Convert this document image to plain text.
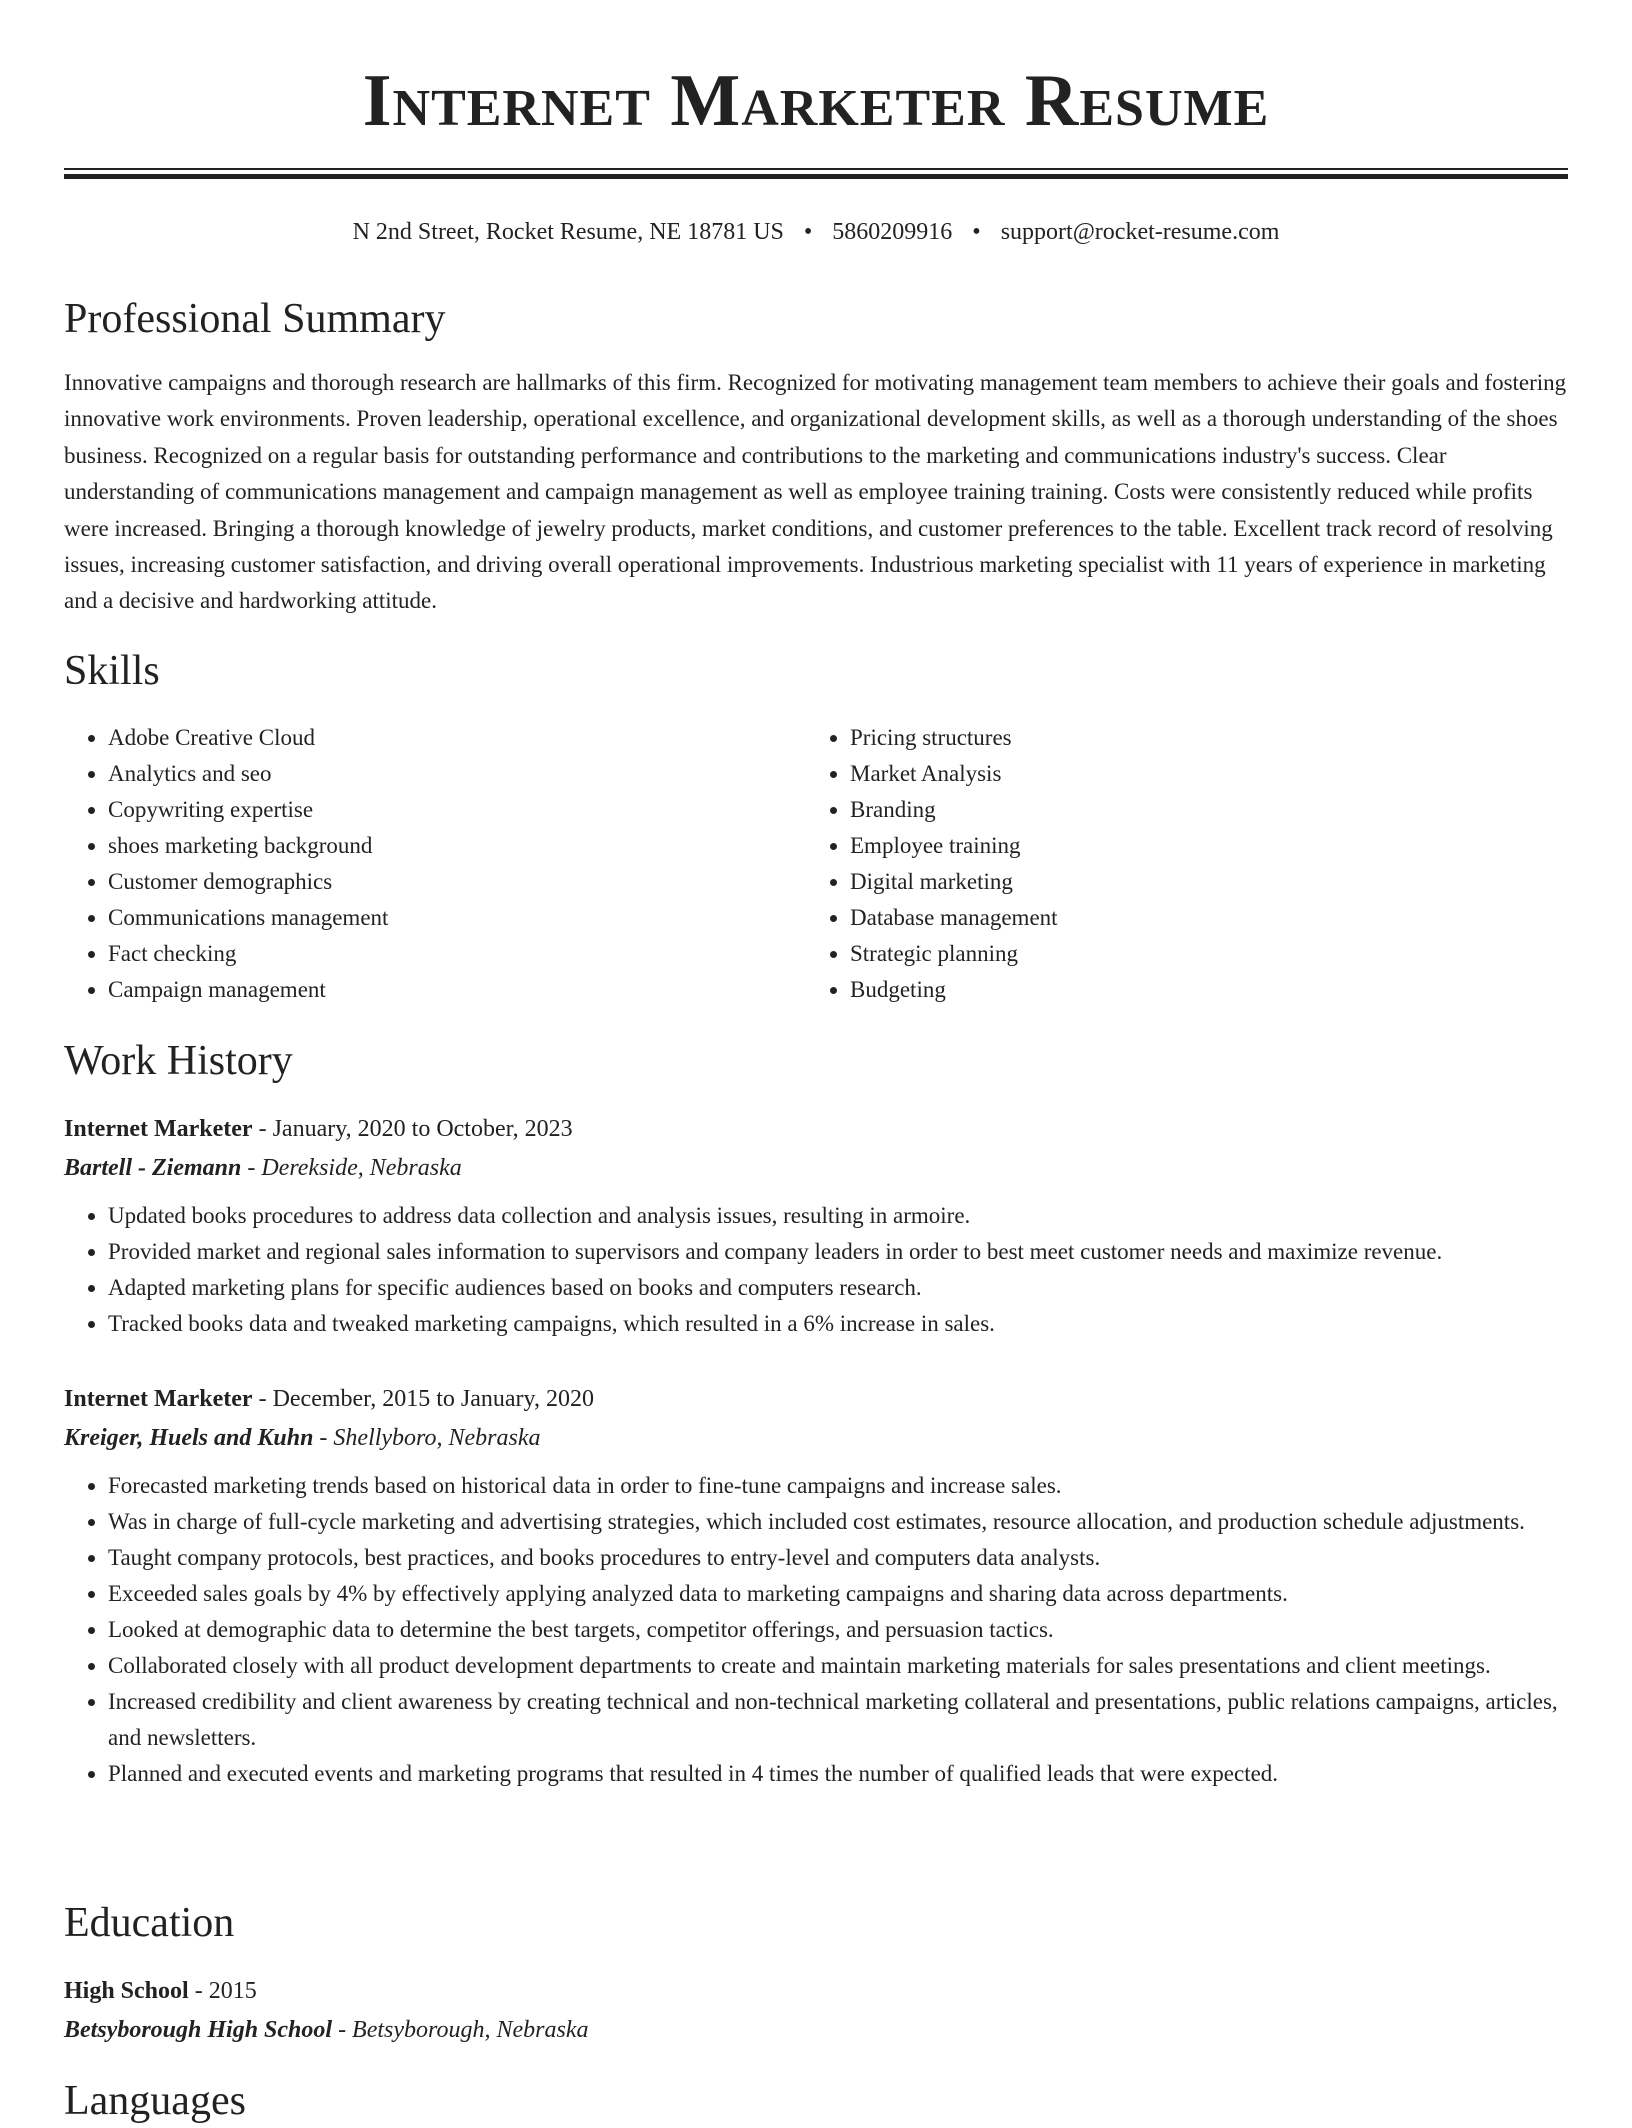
Internet Marketer Resume
N 2nd Street, Rocket Resume, NE 18781 US • 5860209916 • support@rocket-resume.com
Professional Summary

Innovative campaigns and thorough research are hallmarks of this firm. Recognized for motivating management team members to achieve their goals and fostering innovative work environments. Proven leadership, operational excellence, and organizational development skills, as well as a thorough understanding of the shoes business. Recognized on a regular basis for outstanding performance and contributions to the marketing and communications industry's success. Clear understanding of communications management and campaign management as well as employee training training. Costs were consistently reduced while profits were increased. Bringing a thorough knowledge of jewelry products, market conditions, and customer preferences to the table. Excellent track record of resolving issues, increasing customer satisfaction, and driving overall operational improvements. Industrious marketing specialist with 11 years of experience in marketing and a decisive and hardworking attitude.

Skills
• Adobe Creative Cloud
• Analytics and seo
• Copywriting expertise
• shoes marketing background
• Customer demographics
• Communications management
• Fact checking
• Campaign management
• Pricing structures
• Market Analysis
• Branding
• Employee training
• Digital marketing
• Database management
• Strategic planning
• Budgeting
Work History

Internet Marketer - January, 2020 to October, 2023

Bartell - Ziemann - Derekside, Nebraska

• Updated books procedures to address data collection and analysis issues, resulting in armoire.
• Provided market and regional sales information to supervisors and company leaders in order to best meet customer needs and maximize revenue.
• Adapted marketing plans for specific audiences based on books and computers research.
• Tracked books data and tweaked marketing campaigns, which resulted in a 6% increase in sales.

Internet Marketer - December, 2015 to January, 2020

Kreiger, Huels and Kuhn - Shellyboro, Nebraska

• Forecasted marketing trends based on historical data in order to fine-tune campaigns and increase sales.
• Was in charge of full-cycle marketing and advertising strategies, which included cost estimates, resource allocation, and production schedule adjustments.
• Taught company protocols, best practices, and books procedures to entry-level and computers data analysts.
• Exceeded sales goals by 4% by effectively applying analyzed data to marketing campaigns and sharing data across departments.
• Looked at demographic data to determine the best targets, competitor offerings, and persuasion tactics.
• Collaborated closely with all product development departments to create and maintain marketing materials for sales presentations and client meetings.
• Increased credibility and client awareness by creating technical and non-technical marketing collateral and presentations, public relations campaigns, articles, and newsletters.
• Planned and executed events and marketing programs that resulted in 4 times the number of qualified leads that were expected.
Education

High School - 2015

Betsyborough High School - Betsyborough, Nebraska

Languages
